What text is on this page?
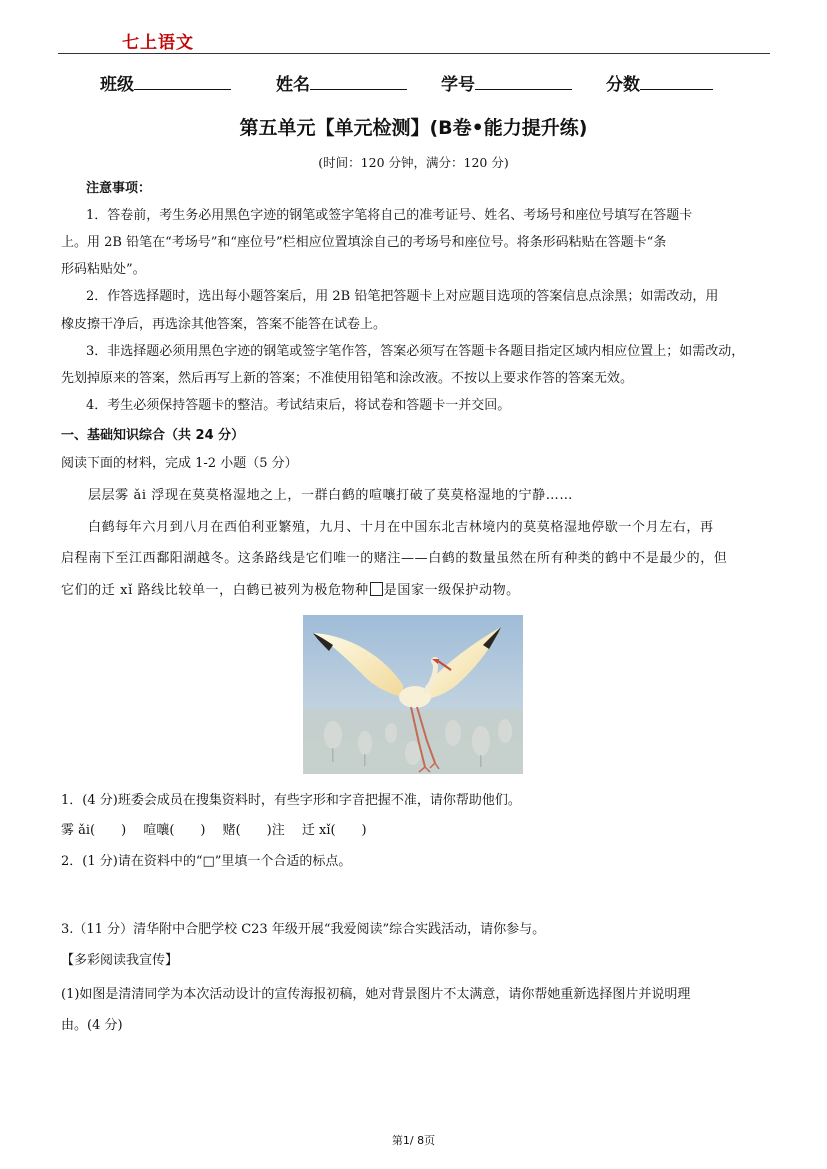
七上语文
班级	姓名	学号	分数
第五单元【单元检测】(B卷•能力提升练)
(时间：120 分钟，满分：120 分)
注意事项：
1．答卷前，考生务必用黑色字迹的钢笔或签字笔将自己的准考证号、姓名、考场号和座位号填写在答题卡
上。用 2B 铅笔在“考场号”和“座位号”栏相应位置填涂自己的考场号和座位号。将条形码粘贴在答题卡“条
形码粘贴处”。
2．作答选择题时，选出每小题答案后，用 2B 铅笔把答题卡上对应题目选项的答案信息点涂黑；如需改动，用
橡皮擦干净后，再选涂其他答案，答案不能答在试卷上。
3．非选择题必须用黑色字迹的钢笔或签字笔作答，答案必须写在答题卡各题目指定区域内相应位置上；如需改动，
先划掉原来的答案，然后再写上新的答案；不准使用铅笔和涂改液。不按以上要求作答的答案无效。
4．考生必须保持答题卡的整洁。考试结束后，将试卷和答题卡一并交回。
一、基础知识综合（共 24 分）
阅读下面的材料，完成 1-2 小题（5 分）
层层雾 ǎi 浮现在莫莫格湿地之上，一群白鹤的喧嚷打破了莫莫格湿地的宁静……
白鹤每年六月到八月在西伯利亚繁殖，九月、十月在中国东北吉林境内的莫莫格湿地停歇一个月左右，再
启程南下至江西鄱阳湖越冬。这条路线是它们唯一的赌注——白鹤的数量虽然在所有种类的鹤中不是最少的，但
它们的迁 xǐ 路线比较单一，白鹤已被列为极危物种 是国家一级保护动物。
1．(4 分)班委会成员在搜集资料时，有些字形和字音把握不准，请你帮助他们。
雾 ǎi(　　)　 喧嚷(　　)　 赌(　　)注　 迁 xǐ(　　)
2．(1 分)请在资料中的“□”里填一个合适的标点。
3.（11 分）清华附中合肥学校 C23 年级开展“我爱阅读”综合实践活动，请你参与。
【多彩阅读我宣传】
(1)如图是清清同学为本次活动设计的宣传海报初稿，她对背景图片不太满意，请你帮她重新选择图片并说明理
由。(4 分)
第1/ 8页
